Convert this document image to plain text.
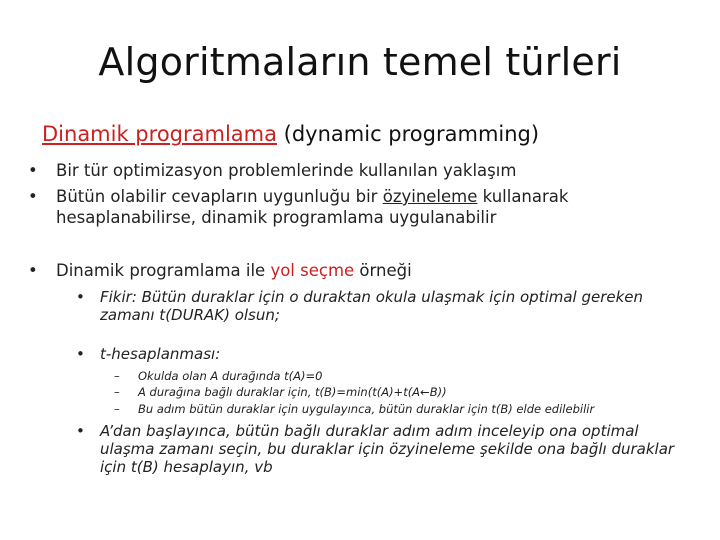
Algoritmaların temel türleri
Dinamik programlama (dynamic programming)
• Bir tür optimizasyon problemlerinde kullanılan yaklaşım
• Bütün olabilir cevapların uygunluğu bir özyineleme kullanarak hesaplanabilirse, dinamik programlama uygulanabilir
• Dinamik programlama ile yol seçme örneği
•	Fikir: Bütün duraklar için o duraktan okula ulaşmak için optimal gereken zamanı t(DURAK) olsun;
•	t-hesaplanması:
– Okulda olan A durağında t(A)=0
– A durağına bağlı duraklar için, t(B)=min(t(A)+t(A←B))
– Bu adım bütün duraklar için uygulayınca, bütün duraklar için t(B) elde edilebilir
•	A’dan başlayınca, bütün bağlı duraklar adım adım inceleyip ona optimal ulaşma zamanı seçin, bu duraklar için özyineleme şekilde ona bağlı duraklar için t(B) hesaplayın, vb
